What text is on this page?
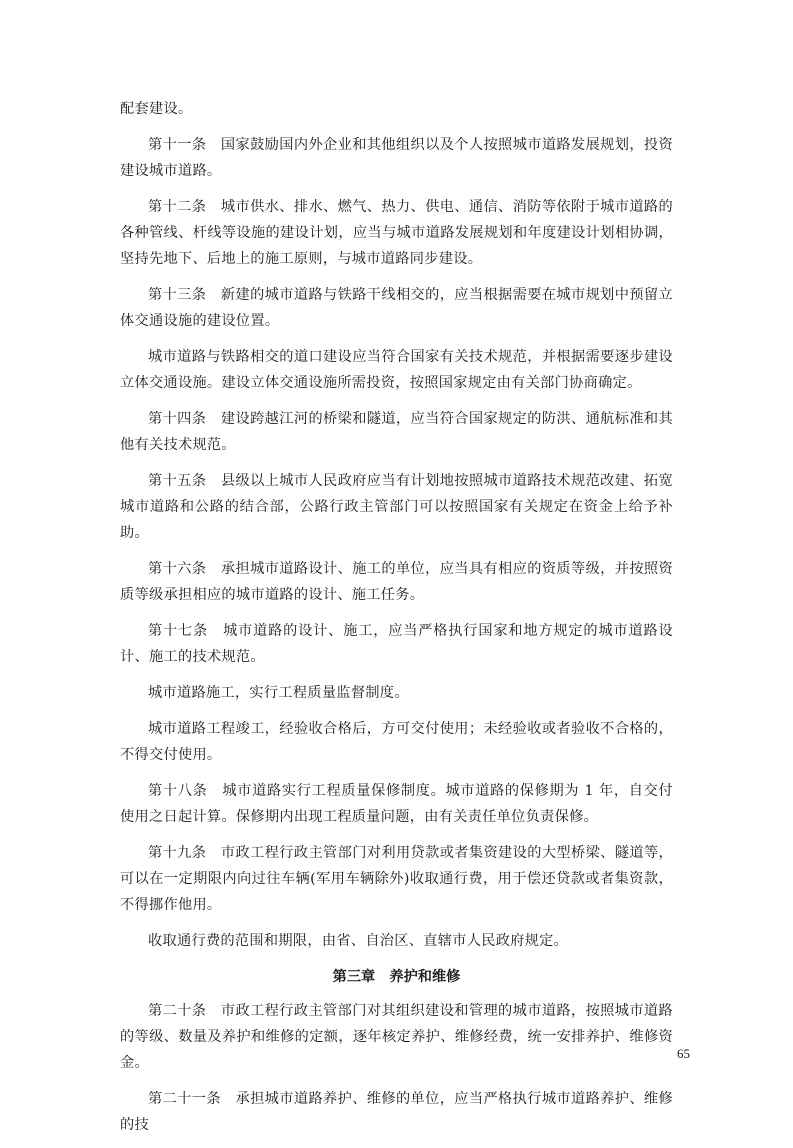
配套建设。

第十一条　国家鼓励国内外企业和其他组织以及个人按照城市道路发展规划，投资建设城市道路。

第十二条　城市供水、排水、燃气、热力、供电、通信、消防等依附于城市道路的各种管线、杆线等设施的建设计划，应当与城市道路发展规划和年度建设计划相协调，坚持先地下、后地上的施工原则，与城市道路同步建设。

第十三条　新建的城市道路与铁路干线相交的，应当根据需要在城市规划中预留立体交通设施的建设位置。

城市道路与铁路相交的道口建设应当符合国家有关技术规范，并根据需要逐步建设立体交通设施。建设立体交通设施所需投资，按照国家规定由有关部门协商确定。

第十四条　建设跨越江河的桥梁和隧道，应当符合国家规定的防洪、通航标准和其他有关技术规范。

第十五条　县级以上城市人民政府应当有计划地按照城市道路技术规范改建、拓宽城市道路和公路的结合部，公路行政主管部门可以按照国家有关规定在资金上给予补助。

第十六条　承担城市道路设计、施工的单位，应当具有相应的资质等级，并按照资质等级承担相应的城市道路的设计、施工任务。

第十七条　城市道路的设计、施工，应当严格执行国家和地方规定的城市道路设计、施工的技术规范。

城市道路施工，实行工程质量监督制度。

城市道路工程竣工，经验收合格后，方可交付使用；未经验收或者验收不合格的，不得交付使用。

第十八条　城市道路实行工程质量保修制度。城市道路的保修期为 1 年，自交付使用之日起计算。保修期内出现工程质量问题，由有关责任单位负责保修。

第十九条　市政工程行政主管部门对利用贷款或者集资建设的大型桥梁、隧道等，可以在一定期限内向过往车辆(军用车辆除外)收取通行费，用于偿还贷款或者集资款，不得挪作他用。

收取通行费的范围和期限，由省、自治区、直辖市人民政府规定。

第三章　养护和维修

第二十条　市政工程行政主管部门对其组织建设和管理的城市道路，按照城市道路的等级、数量及养护和维修的定额，逐年核定养护、维修经费，统一安排养护、维修资金。

第二十一条　承担城市道路养护、维修的单位，应当严格执行城市道路养护、维修的技

65
